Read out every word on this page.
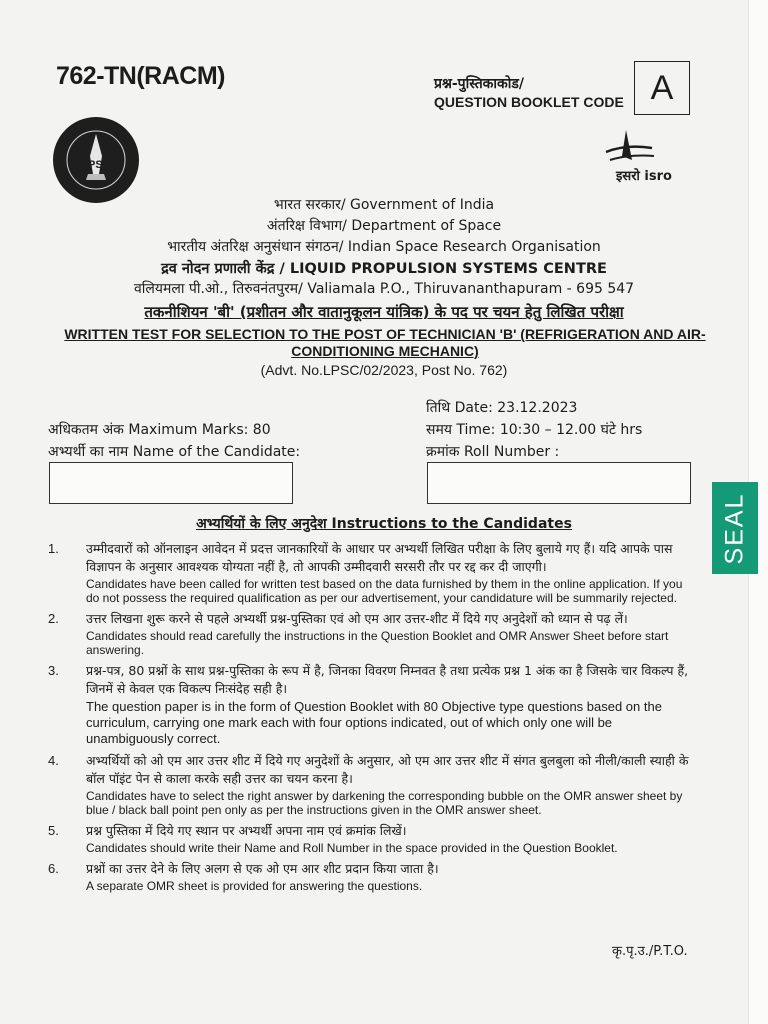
762-TN(RACM)	प्रश्न-पुस्तिकाकोड/
QUESTION BOOKLET CODE A
LPSC
इसरो isro
भारत सरकार/ Government of India
अंतरिक्ष विभाग/ Department of Space
भारतीय अंतरिक्ष अनुसंधान संगठन/ Indian Space Research Organisation
द्रव नोदन प्रणाली केंद्र / LIQUID PROPULSION SYSTEMS CENTRE
वलियमला पी.ओ., तिरुवनंतपुरम/ Valiamala P.O., Thiruvananthapuram - 695 547
तकनीशियन 'बी' (प्रशीतन और वातानुकूलन यांत्रिक) के पद पर चयन हेतु लिखित परीक्षा
WRITTEN TEST FOR SELECTION TO THE POST OF TECHNICIAN 'B' (REFRIGERATION AND AIR-CONDITIONING MECHANIC)
(Advt. No.LPSC/02/2023, Post No. 762)
अधिकतम अंक Maximum Marks: 80
अभ्यर्थी का नाम Name of the Candidate:
तिथि Date: 23.12.2023
समय Time: 10:30 – 12.00 घंटे hrs
क्रमांक Roll Number :
SEAL
अभ्यर्थियों के लिए अनुदेश Instructions to the Candidates
1.	उम्मीदवारों को ऑनलाइन आवेदन में प्रदत्त जानकारियों के आधार पर अभ्यर्थी लिखित परीक्षा के लिए बुलाये गए हैं। यदि आपके पास विज्ञापन के अनुसार आवश्यक योग्यता नहीं है, तो आपकी उम्मीदवारी सरसरी तौर पर रद्द कर दी जाएगी।
Candidates have been called for written test based on the data furnished by them in the online application. If you do not possess the required qualification as per our advertisement, your candidature will be summarily rejected.
2.	उत्तर लिखना शुरू करने से पहले अभ्यर्थी प्रश्न-पुस्तिका एवं ओ एम आर उत्तर-शीट में दिये गए अनुदेशों को ध्यान से पढ़ लें।
Candidates should read carefully the instructions in the Question Booklet and OMR Answer Sheet before start answering.
3.	प्रश्न-पत्र, 80 प्रश्नों के साथ प्रश्न-पुस्तिका के रूप में है, जिनका विवरण निम्नवत है तथा प्रत्येक प्रश्न 1 अंक का है जिसके चार विकल्प हैं, जिनमें से केवल एक विकल्प निःसंदेह सही है।
The question paper is in the form of Question Booklet with 80 Objective type questions based on the curriculum, carrying one mark each with four options indicated, out of which only one will be unambiguously correct.
4.	अभ्यर्थियों को ओ एम आर उत्तर शीट में दिये गए अनुदेशों के अनुसार, ओ एम आर उत्तर शीट में संगत बुलबुला को नीली/काली स्याही के बॉल पॉइंट पेन से काला करके सही उत्तर का चयन करना है।
Candidates have to select the right answer by darkening the corresponding bubble on the OMR answer sheet by blue / black ball point pen only as per the instructions given in the OMR answer sheet.
5.	प्रश्न पुस्तिका में दिये गए स्थान पर अभ्यर्थी अपना नाम एवं क्रमांक लिखें।
Candidates should write their Name and Roll Number in the space provided in the Question Booklet.
6.	प्रश्नों का उत्तर देने के लिए अलग से एक ओ एम आर शीट प्रदान किया जाता है।
A separate OMR sheet is provided for answering the questions.
कृ.पृ.उ./P.T.O.
